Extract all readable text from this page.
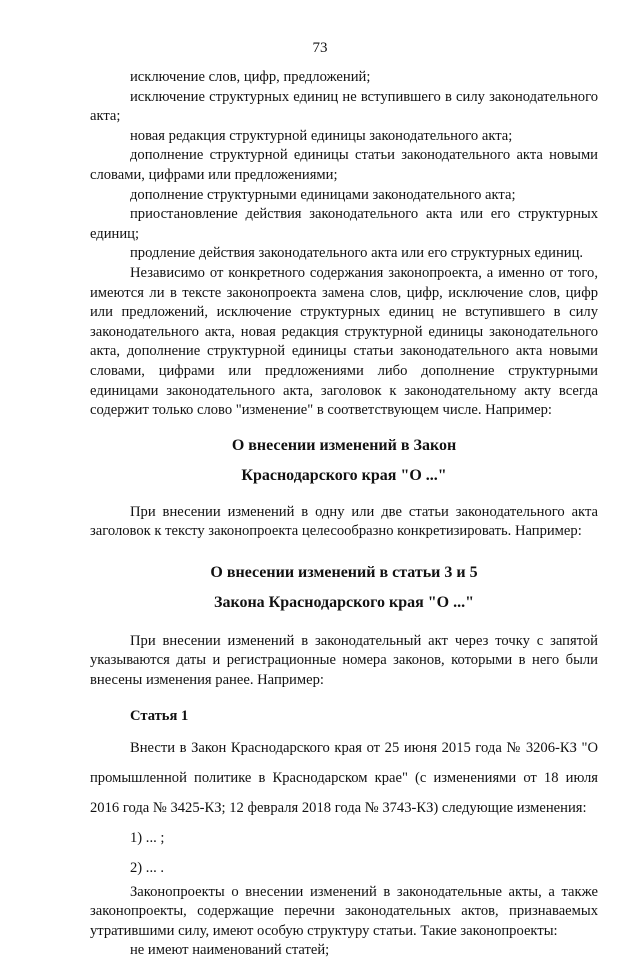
73

исключение слов, цифр, предложений;

исключение структурных единиц не вступившего в силу законодательного акта;

новая редакция структурной единицы законодательного акта;

дополнение структурной единицы статьи законодательного акта новыми словами, цифрами или предложениями;

дополнение структурными единицами законодательного акта;

приостановление действия законодательного акта или его структурных единиц;

продление действия законодательного акта или его структурных единиц.

Независимо от конкретного содержания законопроекта, а именно от того, имеются ли в тексте законопроекта замена слов, цифр, исключение слов, цифр или предложений, исключение структурных единиц не вступившего в силу законодательного акта, новая редакция структурной единицы законодательного акта, дополнение структурной единицы статьи законодательного акта новыми словами, цифрами или предложениями либо дополнение структурными единицами законодательного акта, заголовок к законодательному акту всегда содержит только слово "изменение" в соответствующем числе. Например:

О внесении изменений в Закон

Краснодарского края "О ..."

При внесении изменений в одну или две статьи законодательного акта заголовок к тексту законопроекта целесообразно конкретизировать. Например:

О внесении изменений в статьи 3 и 5

Закона Краснодарского края "О ..."

При внесении изменений в законодательный акт через точку с запятой указываются даты и регистрационные номера законов, которыми в него были внесены изменения ранее. Например:

Статья 1

Внести в Закон Краснодарского края от 25 июня 2015 года № 3206-КЗ "О промышленной политике в Краснодарском крае" (с изменениями от 18 июля 2016 года № 3425-КЗ; 12 февраля 2018 года № 3743-КЗ) следующие изменения:

1) ... ;

2) ... .

Законопроекты о внесении изменений в законодательные акты, а также законопроекты, содержащие перечни законодательных актов, признаваемых утратившими силу, имеют особую структуру статьи. Такие законопроекты:

не имеют наименований статей;
